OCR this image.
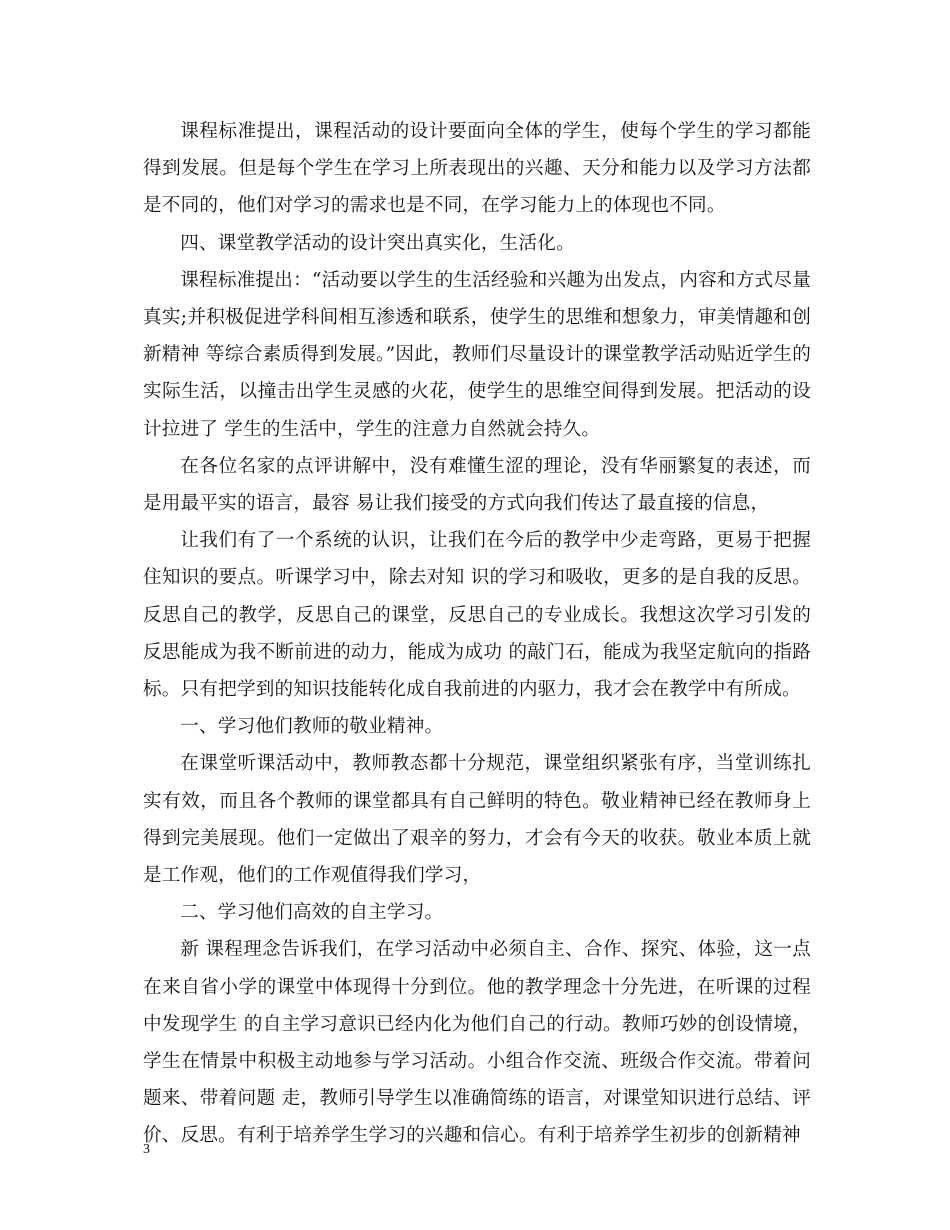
课程标准提出，课程活动的设计要面向全体的学生，使每个学生的学习都能得到发展。但是每个学生在学习上所表现出的兴趣、天分和能力以及学习方法都是不同的，他们对学习的需求也是不同，在学习能力上的体现也不同。

四、课堂教学活动的设计突出真实化，生活化。

课程标准提出：“活动要以学生的生活经验和兴趣为出发点，内容和方式尽量真实;并积极促进学科间相互渗透和联系，使学生的思维和想象力，审美情趣和创新精神 等综合素质得到发展。”因此，教师们尽量设计的课堂教学活动贴近学生的实际生活，以撞击出学生灵感的火花，使学生的思维空间得到发展。把活动的设计拉进了 学生的生活中，学生的注意力自然就会持久。

在各位名家的点评讲解中，没有难懂生涩的理论，没有华丽繁复的表述，而是用最平实的语言，最容 易让我们接受的方式向我们传达了最直接的信息，

让我们有了一个系统的认识，让我们在今后的教学中少走弯路，更易于把握住知识的要点。听课学习中，除去对知 识的学习和吸收，更多的是自我的反思。反思自己的教学，反思自己的课堂，反思自己的专业成长。我想这次学习引发的反思能成为我不断前进的动力，能成为成功 的敲门石，能成为我坚定航向的指路标。只有把学到的知识技能转化成自我前进的内驱力，我才会在教学中有所成。

一、学习他们教师的敬业精神。

在课堂听课活动中，教师教态都十分规范，课堂组织紧张有序，当堂训练扎实有效，而且各个教师的课堂都具有自己鲜明的特色。敬业精神已经在教师身上得到完美展现。他们一定做出了艰辛的努力，才会有今天的收获。敬业本质上就是工作观，他们的工作观值得我们学习，

二、学习他们高效的自主学习。

新 课程理念告诉我们，在学习活动中必须自主、合作、探究、体验，这一点在来自省小学的课堂中体现得十分到位。他的教学理念十分先进，在听课的过程中发现学生 的自主学习意识已经内化为他们自己的行动。教师巧妙的创设情境，学生在情景中积极主动地参与学习活动。小组合作交流、班级合作交流。带着问题来、带着问题 走，教师引导学生以准确简练的语言，对课堂知识进行总结、评价、反思。有利于培养学生学习的兴趣和信心。有利于培养学生初步的创新精神

3
